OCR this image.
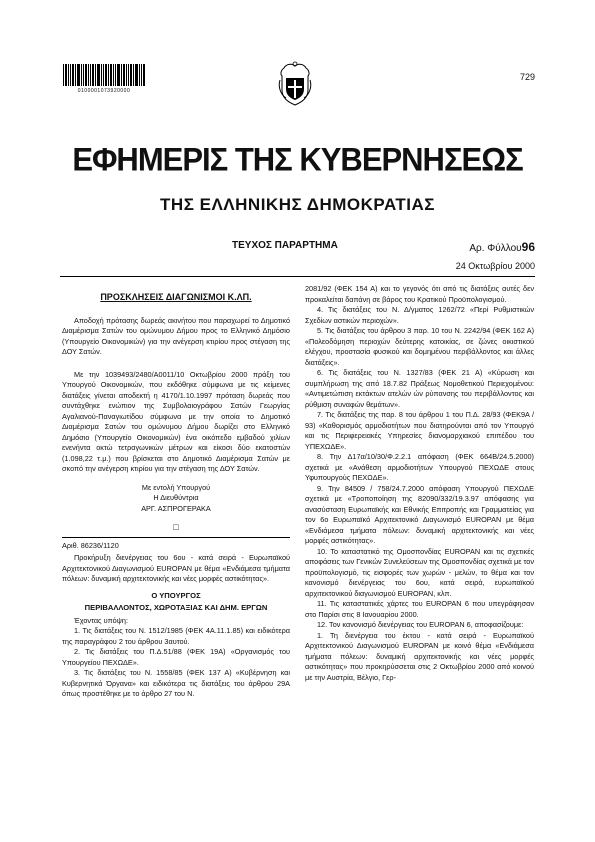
0100001073920000
729
ΕΦΗΜΕΡΙΣ ΤΗΣ ΚΥΒΕΡΝΗΣΕΩΣ
ΤΗΣ ΕΛΛΗΝΙΚΗΣ ΔΗΜΟΚΡΑΤΙΑΣ
ΤΕΥΧΟΣ ΠΑΡΑΡΤΗΜΑ	Αρ. Φύλλου96
24 Οκτωβρίου 2000
ΠΡΟΣΚΛΗΣΕΙΣ ΔΙΑΓΩΝΙΣΜΟΙ Κ.ΛΠ.

Αποδοχή πρότασης δωρεάς ακινήτου που παραχωρεί το Δημοτικό Διαμέρισμα Σατών του ομώνυμου Δήμου προς το Ελληνικό Δημόσιο (Υπουργείο Οικονομικών) για την ανέγερση κτιρίου προς στέγαση της ΔΟΥ Σατών.

Με την 1039493/2480/Α0011/10 Οκτωβρίου 2000 πράξη του Υπουργού Οικονομικών, που εκδόθηκε σύμφωνα με τις κείμενες διατάξεις γίνεται αποδεκτή η 4170/1.10.1997 πρόταση δωρεάς που συντάχθηκε ενώπιον της Συμβολαιογράφου Σατών Γεωργίας Αγαλιανού-Παναγιωτίδου σύμφωνα με την οποία το Δημοτικό Διαμέρισμα Σατών του ομώνυμου Δήμου δωρίζει στο Ελληνικό Δημόσιο (Υπουργείο Οικονομικών) ένα οικόπεδο εμβαδού χιλίων ενενήντα οκτώ τετραγωνικών μέτρων και είκοσι δύο εκατοστών (1.098,22 τ.μ.) που βρίσκεται στο Δημοτικό Διαμέρισμα Σατών με σκοπό την ανέγερση κτιρίου για την στέγαση της ΔΟΥ Σατών.

Με εντολή Υπουργού
Η Διευθύντρια
ΑΡΓ. ΑΣΠΡΟΓΕΡΑΚΑ
□

Αριθ. 86236/1120

Προκήρυξη διενέργειας του 6ου - κατά σειρά - Ευρωπαϊκού Αρχιτεκτονικού Διαγωνισμού EUROPAN με θέμα «Ενδιάμεσα τμήματα πόλεων: δυναμική αρχιτεκτονικής και νέες μορφές αστικότητας».

Ο ΥΠΟΥΡΓΟΣ
ΠΕΡΙΒΑΛΛΟΝΤΟΣ, ΧΩΡΟΤΑΞΙΑΣ ΚΑΙ ΔΗΜ. ΕΡΓΩΝ

Έχοντας υπόψη:

1. Τις διατάξεις του Ν. 1512/1985 (ΦΕΚ 4Α.11.1.85) και ειδικότερα της παραγράφου 2 του άρθρου 3αυτού.

2. Τις διατάξεις του Π.Δ.51/88 (ΦΕΚ 19Α) «Οργανισμός του Υπουργείου ΠΕΧΩΔΕ».

3. Τις διατάξεις του Ν. 1558/85 (ΦΕΚ 137 Α) «Κυβέρνηση και Κυβερνητικά Όργανα» και ειδικότερα τις διατάξεις του άρθρου 29Α όπως προστέθηκε με το άρθρο 27 του Ν.

2081/92 (ΦΕΚ 154 Α) και το γεγονός ότι από τις διατάξεις αυτές δεν προκαλείται δαπάνη σε βάρος του Κρατικού Προϋπολογισμού.

4. Τις διατάξεις του Ν. Δ/γματος 1262/72 «Περί Ρυθμιστικών Σχεδίων αστικών περιοχών».

5. Τις διατάξεις του άρθρου 3 παρ. 10 του Ν. 2242/94 (ΦΕΚ 162 Α) «Πολεοδόμηση περιοχών δεύτερης κατοικίας, σε ζώνες οικιστικού ελέγχου, προστασία φυσικού και δομημένου περιβάλλοντος και άλλες διατάξεις».

6. Τις διατάξεις του Ν. 1327/83 (ΦΕΚ 21 Α) «Κύρωση και συμπλήρωση της από 18.7.82 Πράξεως Νομοθετικού Περιεχομένου: «Αντιμετώπιση εκτάκτων ατελών ών ρύπανσης του περιβάλλοντος και ρύθμιση συναφών θεμάτων».

7. Τις διατάξεις της παρ. 8 του άρθρου 1 του Π.Δ. 28/93 (ΦΕΚ9Α / 93) «Καθορισμός αρμοδιοτήτων που διατηρούνται από τον Υπουργό και τις Περιφερειακές Υπηρεσίες διανομαρχιακού επιπέδου του ΥΠΕΧΩΔΕ».

8. Την Δ17α/10/30/Φ.2.2.1 απόφαση (ΦΕΚ 664Β/24.5.2000) σχετικά με «Ανάθεση αρμοδιοτήτων Υπουργού ΠΕΧΩΔΕ στους Υφυπουργούς ΠΕΧΩΔΕ».

9. Την 84509 / 758/24.7.2000 απόφαση Υπουργού ΠΕΧΩΔΕ σχετικά με «Τροποποίηση της 82090/332/19.3.97 απόφασης για ανασύσταση Ευρωπαϊκής και Εθνικής Επιτροπής και Γραμματείας για τον 6ο Ευρωπαϊκό Αρχιτεκτονικό Διαγωνισμό EUROPAN με θέμα «Ενδιάμεσα τμήματα πόλεων: δυναμική αρχιτεκτονικής και νέες μορφές αστικότητας».

10. Το καταστατικό της Ομοσπονδίας EUROPAN και τις σχετικές αποφάσεις των Γενικών Συνελεύσεων της Ομοσπονδίας σχετικά με τον προϋπολογισμό, τις εισφορές των χωρών - μελών, το θέμα και τον κανονισμό διενέργειας του 6ου, κατά σειρά, ευρωπαϊκού αρχιτεκτονικού διαγωνισμού EUROPAN, κλπ.

11. Τις καταστατικές χάρτες του EUROPAN 6 που υπεγράφησαν στο Παρίσι στις 8 Ιανουαρίου 2000.

12. Τον κανονισμό διενέργειας του EUROPAN 6, αποφασίζουμε:

1. Τη διενέργεια του έκτου - κατά σειρά - Ευρωπαϊκού Αρχιτεκτονικού Διαγωνισμού EUROPAN με κοινό θέμα «Ενδιάμεσα τμήματα πόλεων: δυναμική αρχιτεκτονικής και νέες μορφές αστικότητας» που προκηρύσσεται στις 2 Οκτωβρίου 2000 από κοινού με την Αυστρία, Βέλγιο, Γερ-
